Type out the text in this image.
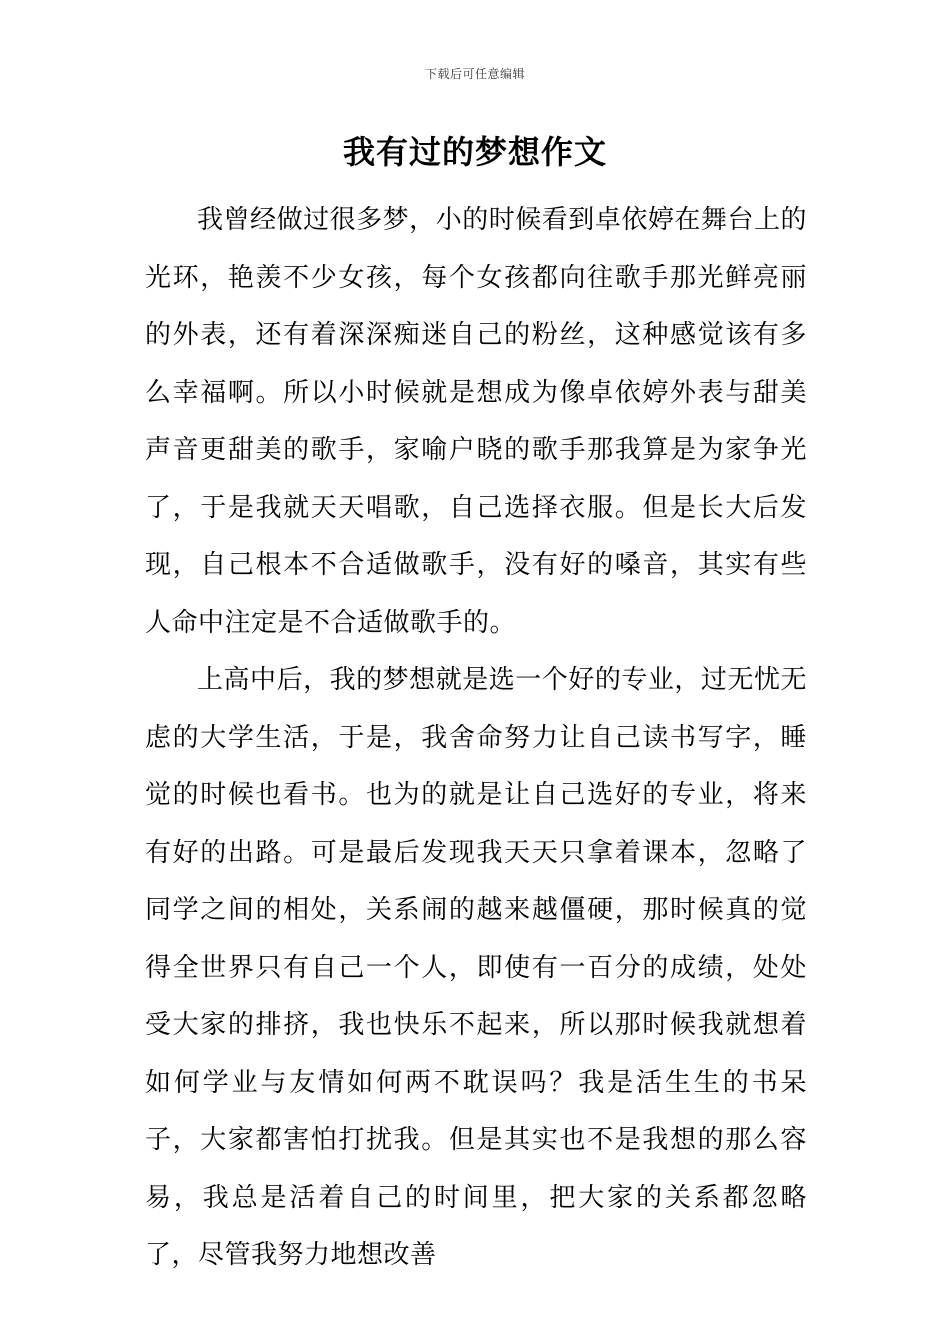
下载后可任意编辑
我有过的梦想作文

我曾经做过很多梦，小的时候看到卓依婷在舞台上的光环，艳羡不少女孩，每个女孩都向往歌手那光鲜亮丽的外表，还有着深深痴迷自己的粉丝，这种感觉该有多么幸福啊。所以小时候就是想成为像卓依婷外表与甜美声音更甜美的歌手，家喻户晓的歌手那我算是为家争光了，于是我就天天唱歌，自己选择衣服。但是长大后发现，自己根本不合适做歌手，没有好的嗓音，其实有些人命中注定是不合适做歌手的。

上高中后，我的梦想就是选一个好的专业，过无忧无虑的大学生活，于是，我舍命努力让自己读书写字，睡觉的时候也看书。也为的就是让自己选好的专业，将来有好的出路。可是最后发现我天天只拿着课本，忽略了同学之间的相处，关系闹的越来越僵硬，那时候真的觉得全世界只有自己一个人，即使有一百分的成绩，处处受大家的排挤，我也快乐不起来，所以那时候我就想着如何学业与友情如何两不耽误吗？我是活生生的书呆子，大家都害怕打扰我。但是其实也不是我想的那么容易，我总是活着自己的时间里，把大家的关系都忽略了，尽管我努力地想改善
